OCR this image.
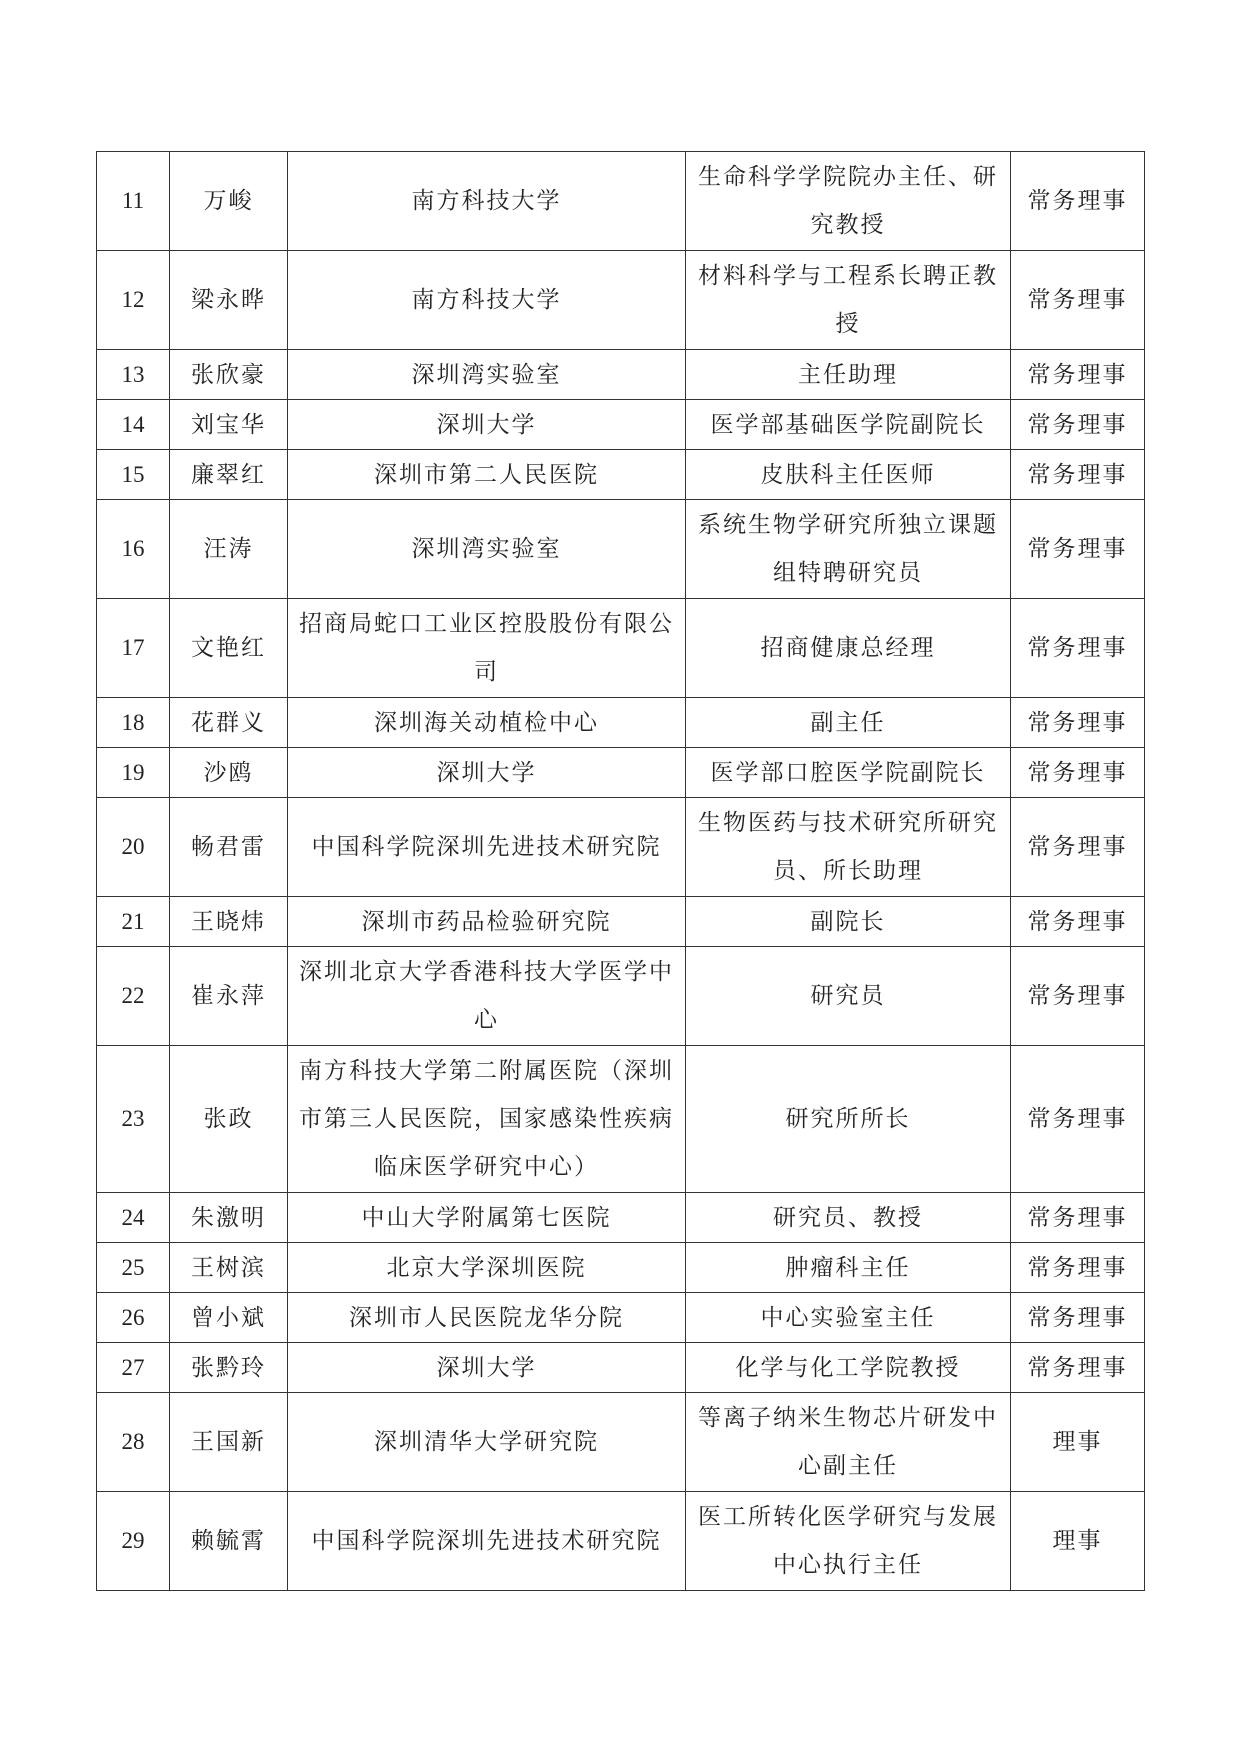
11	万峻	南方科技大学	生命科学学院院办主任、研究教授	常务理事
12	梁永晔	南方科技大学	材料科学与工程系长聘正教授	常务理事
13	张欣豪	深圳湾实验室	主任助理	常务理事
14	刘宝华	深圳大学	医学部基础医学院副院长	常务理事
15	廉翠红	深圳市第二人民医院	皮肤科主任医师	常务理事
16	汪涛	深圳湾实验室	系统生物学研究所独立课题组特聘研究员	常务理事
17	文艳红	招商局蛇口工业区控股股份有限公司	招商健康总经理	常务理事
18	花群义	深圳海关动植检中心	副主任	常务理事
19	沙鸥	深圳大学	医学部口腔医学院副院长	常务理事
20	畅君雷	中国科学院深圳先进技术研究院	生物医药与技术研究所研究员、所长助理	常务理事
21	王晓炜	深圳市药品检验研究院	副院长	常务理事
22	崔永萍	深圳北京大学香港科技大学医学中心	研究员	常务理事
23	张政	南方科技大学第二附属医院（深圳市第三人民医院，国家感染性疾病临床医学研究中心）	研究所所长	常务理事
24	朱激明	中山大学附属第七医院	研究员、教授	常务理事
25	王树滨	北京大学深圳医院	肿瘤科主任	常务理事
26	曾小斌	深圳市人民医院龙华分院	中心实验室主任	常务理事
27	张黔玲	深圳大学	化学与化工学院教授	常务理事
28	王国新	深圳清华大学研究院	等离子纳米生物芯片研发中心副主任	理事
29	赖毓霄	中国科学院深圳先进技术研究院	医工所转化医学研究与发展中心执行主任	理事
